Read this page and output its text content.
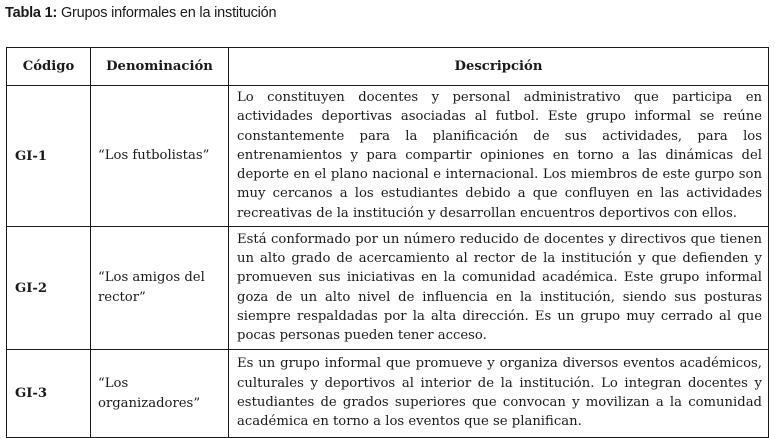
Tabla 1: Grupos informales en la institución
Código	Denominación	Descripción
GI-1	“Los futbolistas”	Lo constituyen docentes y personal administrativo que participa en actividades deportivas asociadas al futbol. Este grupo informal se reúne constantemente para la planificación de sus actividades, para los entrenamientos y para compartir opiniones en torno a las dinámicas del deporte en el plano nacional e internacional. Los miembros de este gurpo son muy cercanos a los estudiantes debido a que confluyen en las actividades recreativas de la institución y desarrollan encuentros deportivos con ellos.
GI-2	“Los amigos del rector”	Está conformado por un número reducido de docentes y directivos que tienen un alto grado de acercamiento al rector de la institución y que defienden y promueven sus iniciativas en la comunidad académica. Este grupo informal goza de un alto nivel de influencia en la institución, siendo sus posturas siempre respaldadas por la alta dirección. Es un grupo muy cerrado al que pocas personas pueden tener acceso.
GI-3	“Los organizadores”	Es un grupo informal que promueve y organiza diversos eventos académicos, culturales y deportivos al interior de la institución. Lo integran docentes y estudiantes de grados superiores que convocan y movilizan a la comunidad académica en torno a los eventos que se planifican.
